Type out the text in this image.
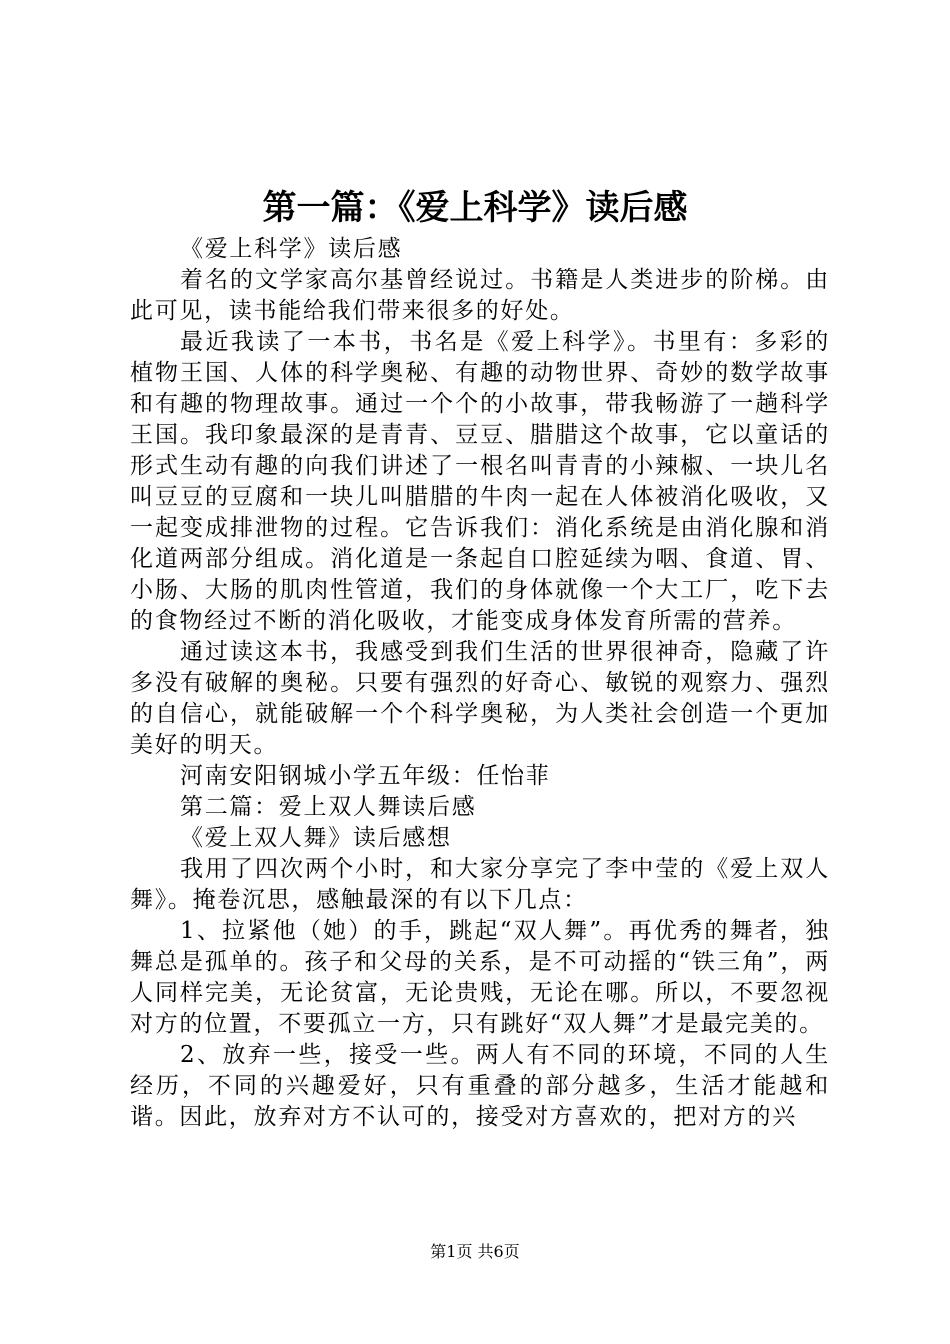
第一篇：《爱上科学》读后感

《爱上科学》读后感

着名的文学家高尔基曾经说过。书籍是人类进步的阶梯。由此可见，读书能给我们带来很多的好处。

最近我读了一本书，书名是《爱上科学》。书里有：多彩的植物王国、人体的科学奥秘、有趣的动物世界、奇妙的数学故事和有趣的物理故事。通过一个个的小故事，带我畅游了一趟科学王国。我印象最深的是青青、豆豆、腊腊这个故事，它以童话的形式生动有趣的向我们讲述了一根名叫青青的小辣椒、一块儿名叫豆豆的豆腐和一块儿叫腊腊的牛肉一起在人体被消化吸收，又一起变成排泄物的过程。它告诉我们：消化系统是由消化腺和消化道两部分组成。消化道是一条起自口腔延续为咽、食道、胃、小肠、大肠的肌肉性管道，我们的身体就像一个大工厂，吃下去的食物经过不断的消化吸收，才能变成身体发育所需的营养。

通过读这本书，我感受到我们生活的世界很神奇，隐藏了许多没有破解的奥秘。只要有强烈的好奇心、敏锐的观察力、强烈的自信心，就能破解一个个科学奥秘，为人类社会创造一个更加美好的明天。

河南安阳钢城小学五年级：任怡菲

第二篇：爱上双人舞读后感

《爱上双人舞》读后感想

我用了四次两个小时，和大家分享完了李中莹的《爱上双人舞》。掩卷沉思，感触最深的有以下几点：

1、拉紧他（她）的手，跳起“双人舞”。再优秀的舞者，独舞总是孤单的。孩子和父母的关系，是不可动摇的“铁三角”，两人同样完美，无论贫富，无论贵贱，无论在哪。所以，不要忽视对方的位置，不要孤立一方，只有跳好“双人舞”才是最完美的。

2、放弃一些，接受一些。两人有不同的环境，不同的人生经历，不同的兴趣爱好，只有重叠的部分越多，生活才能越和谐。因此，放弃对方不认可的，接受对方喜欢的，把对方的兴

第1页 共6页
